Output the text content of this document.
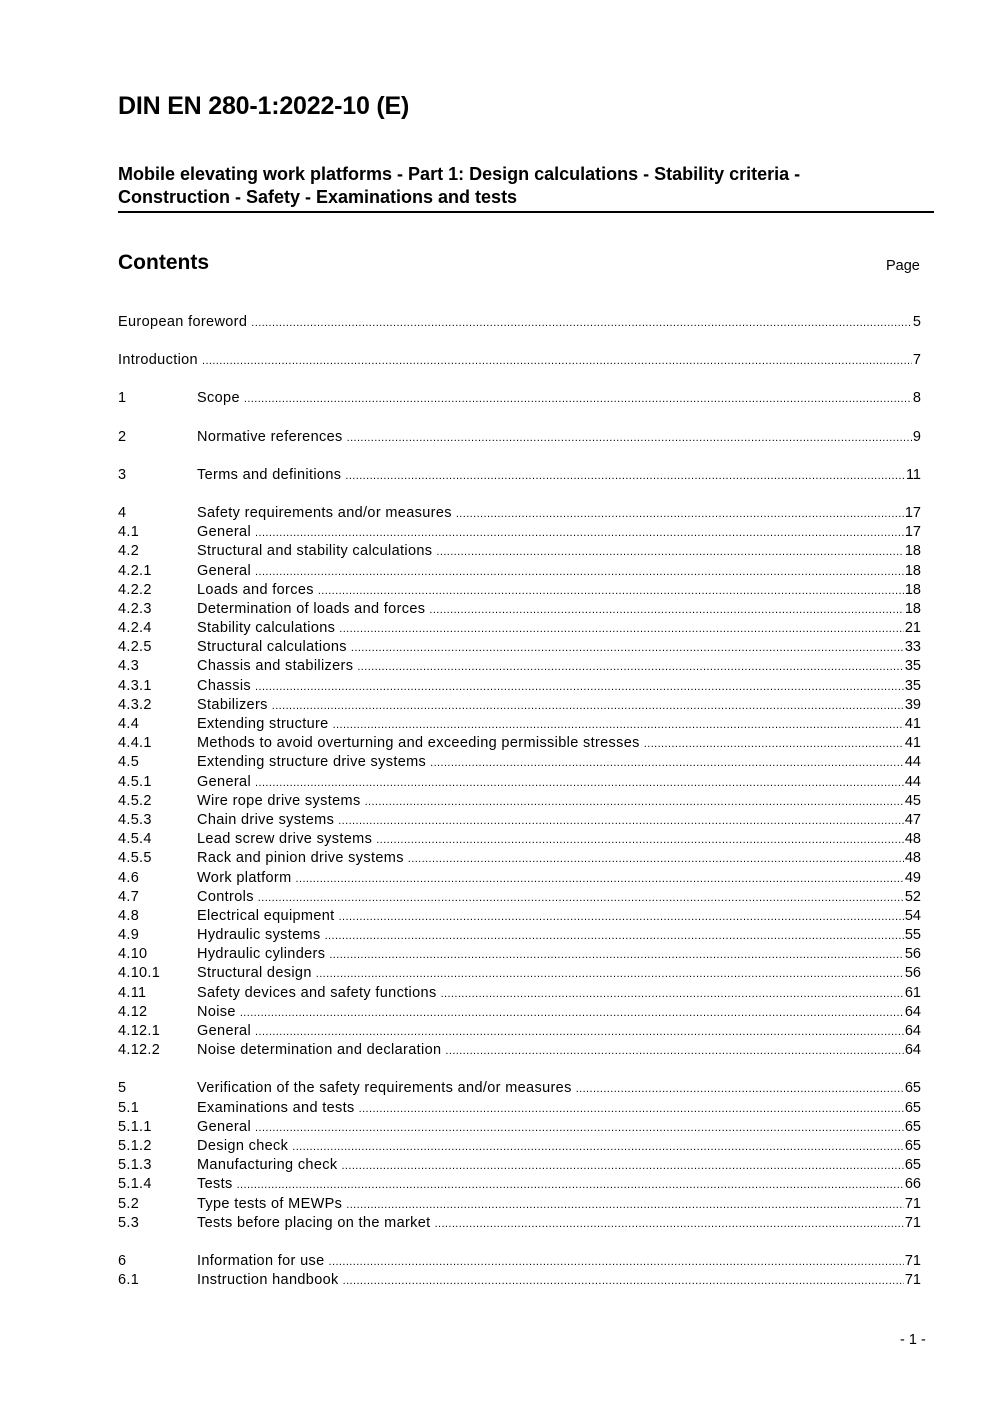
DIN EN 280-1:2022-10 (E)
Mobile elevating work platforms - Part 1: Design calculations - Stability criteria -
Construction - Safety - Examinations and tests
Contents	Page
European foreword .....	5
Introduction .....	7
1	Scope .....	8
2	Normative references .....	9
3	Terms and definitions .....	11
4	Safety requirements and/or measures .....	17
4.1	General .....	17
4.2	Structural and stability calculations .....	18
4.2.1	General .....	18
4.2.2	Loads and forces .....	18
4.2.3	Determination of loads and forces .....	18
4.2.4	Stability calculations .....	21
4.2.5	Structural calculations .....	33
4.3	Chassis and stabilizers .....	35
4.3.1	Chassis .....	35
4.3.2	Stabilizers .....	39
4.4	Extending structure .....	41
4.4.1	Methods to avoid overturning and exceeding permissible stresses .....	41
4.5	Extending structure drive systems .....	44
4.5.1	General .....	44
4.5.2	Wire rope drive systems .....	45
4.5.3	Chain drive systems .....	47
4.5.4	Lead screw drive systems .....	48
4.5.5	Rack and pinion drive systems .....	48
4.6	Work platform .....	49
4.7	Controls .....	52
4.8	Electrical equipment .....	54
4.9	Hydraulic systems .....	55
4.10	Hydraulic cylinders .....	56
4.10.1	Structural design .....	56
4.11	Safety devices and safety functions .....	61
4.12	Noise .....	64
4.12.1	General .....	64
4.12.2	Noise determination and declaration .....	64
5	Verification of the safety requirements and/or measures .....	65
5.1	Examinations and tests .....	65
5.1.1	General .....	65
5.1.2	Design check .....	65
5.1.3	Manufacturing check .....	65
5.1.4	Tests .....	66
5.2	Type tests of MEWPs .....	71
5.3	Tests before placing on the market .....	71
6	Information for use .....	71
6.1	Instruction handbook .....	71
- 1 -
